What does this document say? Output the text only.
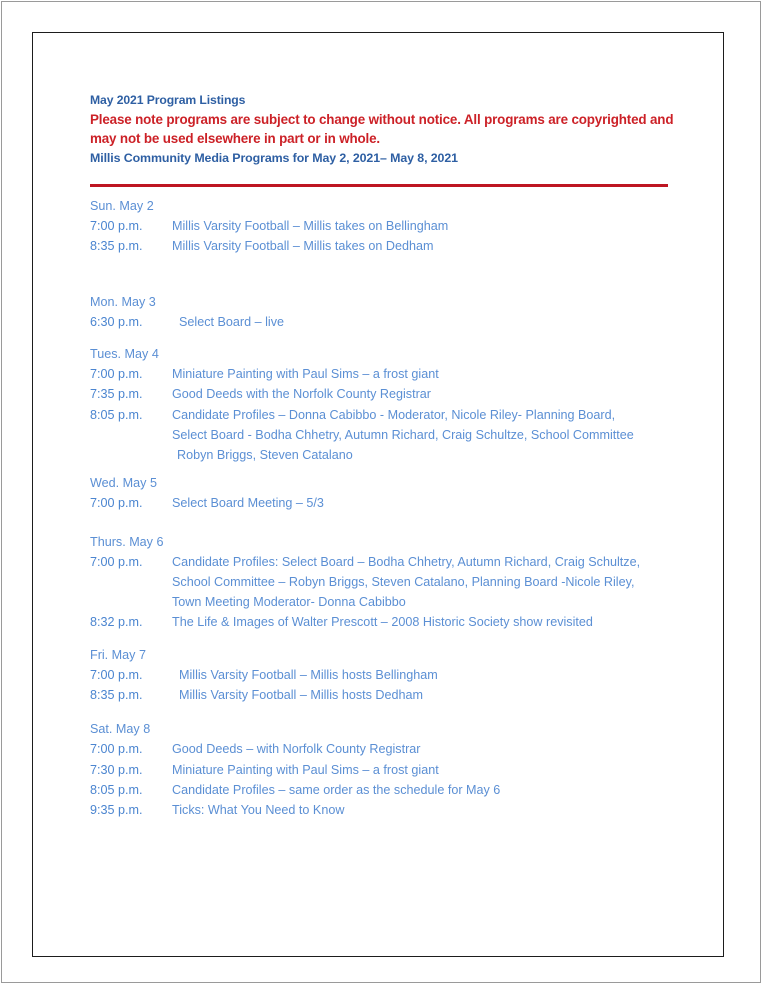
May 2021 Program Listings
Please note programs are subject to change without notice. All programs are copyrighted and may not be used elsewhere in part or in whole.
Millis Community Media Programs for May 2, 2021– May 8, 2021
Sun. May 2
7:00 p.m.	Millis Varsity Football – Millis takes on Bellingham
8:35 p.m.	Millis Varsity Football – Millis takes on Dedham
Mon. May 3
6:30 p.m.	Select Board – live
Tues. May 4
7:00 p.m.	Miniature Painting with Paul Sims – a frost giant
7:35 p.m.	Good Deeds with the Norfolk County Registrar
8:05 p.m.	Candidate Profiles – Donna Cabibbo - Moderator, Nicole Riley- Planning Board,
Select Board - Bodha Chhetry, Autumn Richard, Craig Schultze, School Committee
Robyn Briggs, Steven Catalano
Wed. May 5
7:00 p.m.	Select Board Meeting – 5/3
Thurs. May 6
7:00 p.m.	Candidate Profiles: Select Board – Bodha Chhetry, Autumn Richard, Craig Schultze,
School Committee – Robyn Briggs, Steven Catalano, Planning Board -Nicole Riley,
Town Meeting Moderator- Donna Cabibbo
8:32 p.m.	The Life & Images of Walter Prescott – 2008 Historic Society show revisited
Fri. May 7
7:00 p.m.	Millis Varsity Football – Millis hosts Bellingham
8:35 p.m.	Millis Varsity Football – Millis hosts Dedham
Sat. May 8
7:00 p.m.	Good Deeds – with Norfolk County Registrar
7:30 p.m.	Miniature Painting with Paul Sims – a frost giant
8:05 p.m.	Candidate Profiles – same order as the schedule for May 6
9:35 p.m.	Ticks: What You Need to Know
